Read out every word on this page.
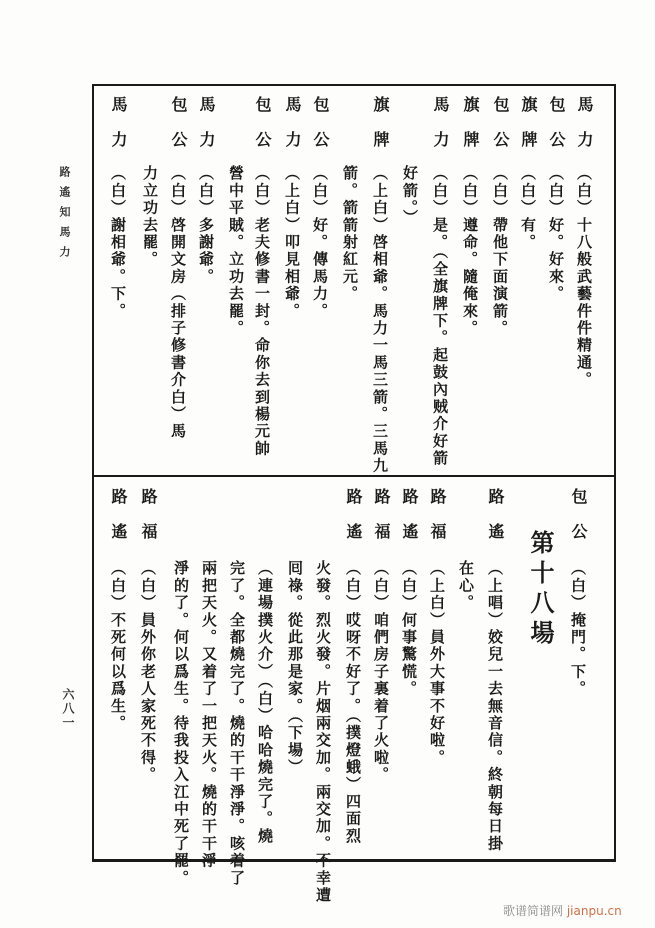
路遙知馬力
六八一
馬力
（白）十八般武藝件件精通。
包公
（白）好。好來。
旗牌
（白）有。
包公
（白）帶他下面演箭。
旗牌
（白）遵命。隨俺來。
馬力
（白）是。（全旗牌下。起鼓內贼介好箭
好箭。）
旗牌
（上白）啓相爺。馬力一馬三箭。三馬九
箭。箭箭射紅元。
包公
（白）好。傳馬力。
馬力
（上白）叩見相爺。
包公
（白）老夫修書一封。命你去到楊元帥
營中平賊。立功去罷。
馬力
（白）多謝爺。
包公
（白）啓開文房（排子修書介白）馬
力立功去罷。
馬力
（白）謝相爺。下。
包公
（白）掩門。下。
第十八場
路遙
（上唱）姣兒一去無音信。終朝每日掛
在心。
路福
（上白）員外大事不好啦。
路遙
（白）何事驚慌。
路福
（白）咱們房子裏着了火啦。
路遙
（白）哎呀不好了。（撲燈蛾）四面烈
火發。烈火發。片烟兩交加。兩交加。不幸遭
囘祿。從此那是家。（下場）
（連場撲火介）（白）哈哈燒完了。燒
完了。全都燒完了。燒的干干淨淨。咳着了
兩把天火。又着了一把天火。燒的干干淨
淨的了。何以爲生。待我投入江中死了罷。
路福
（白）員外你老人家死不得。
路遙
（白）不死何以爲生。
歌谱简谱网 jianpu.cn
